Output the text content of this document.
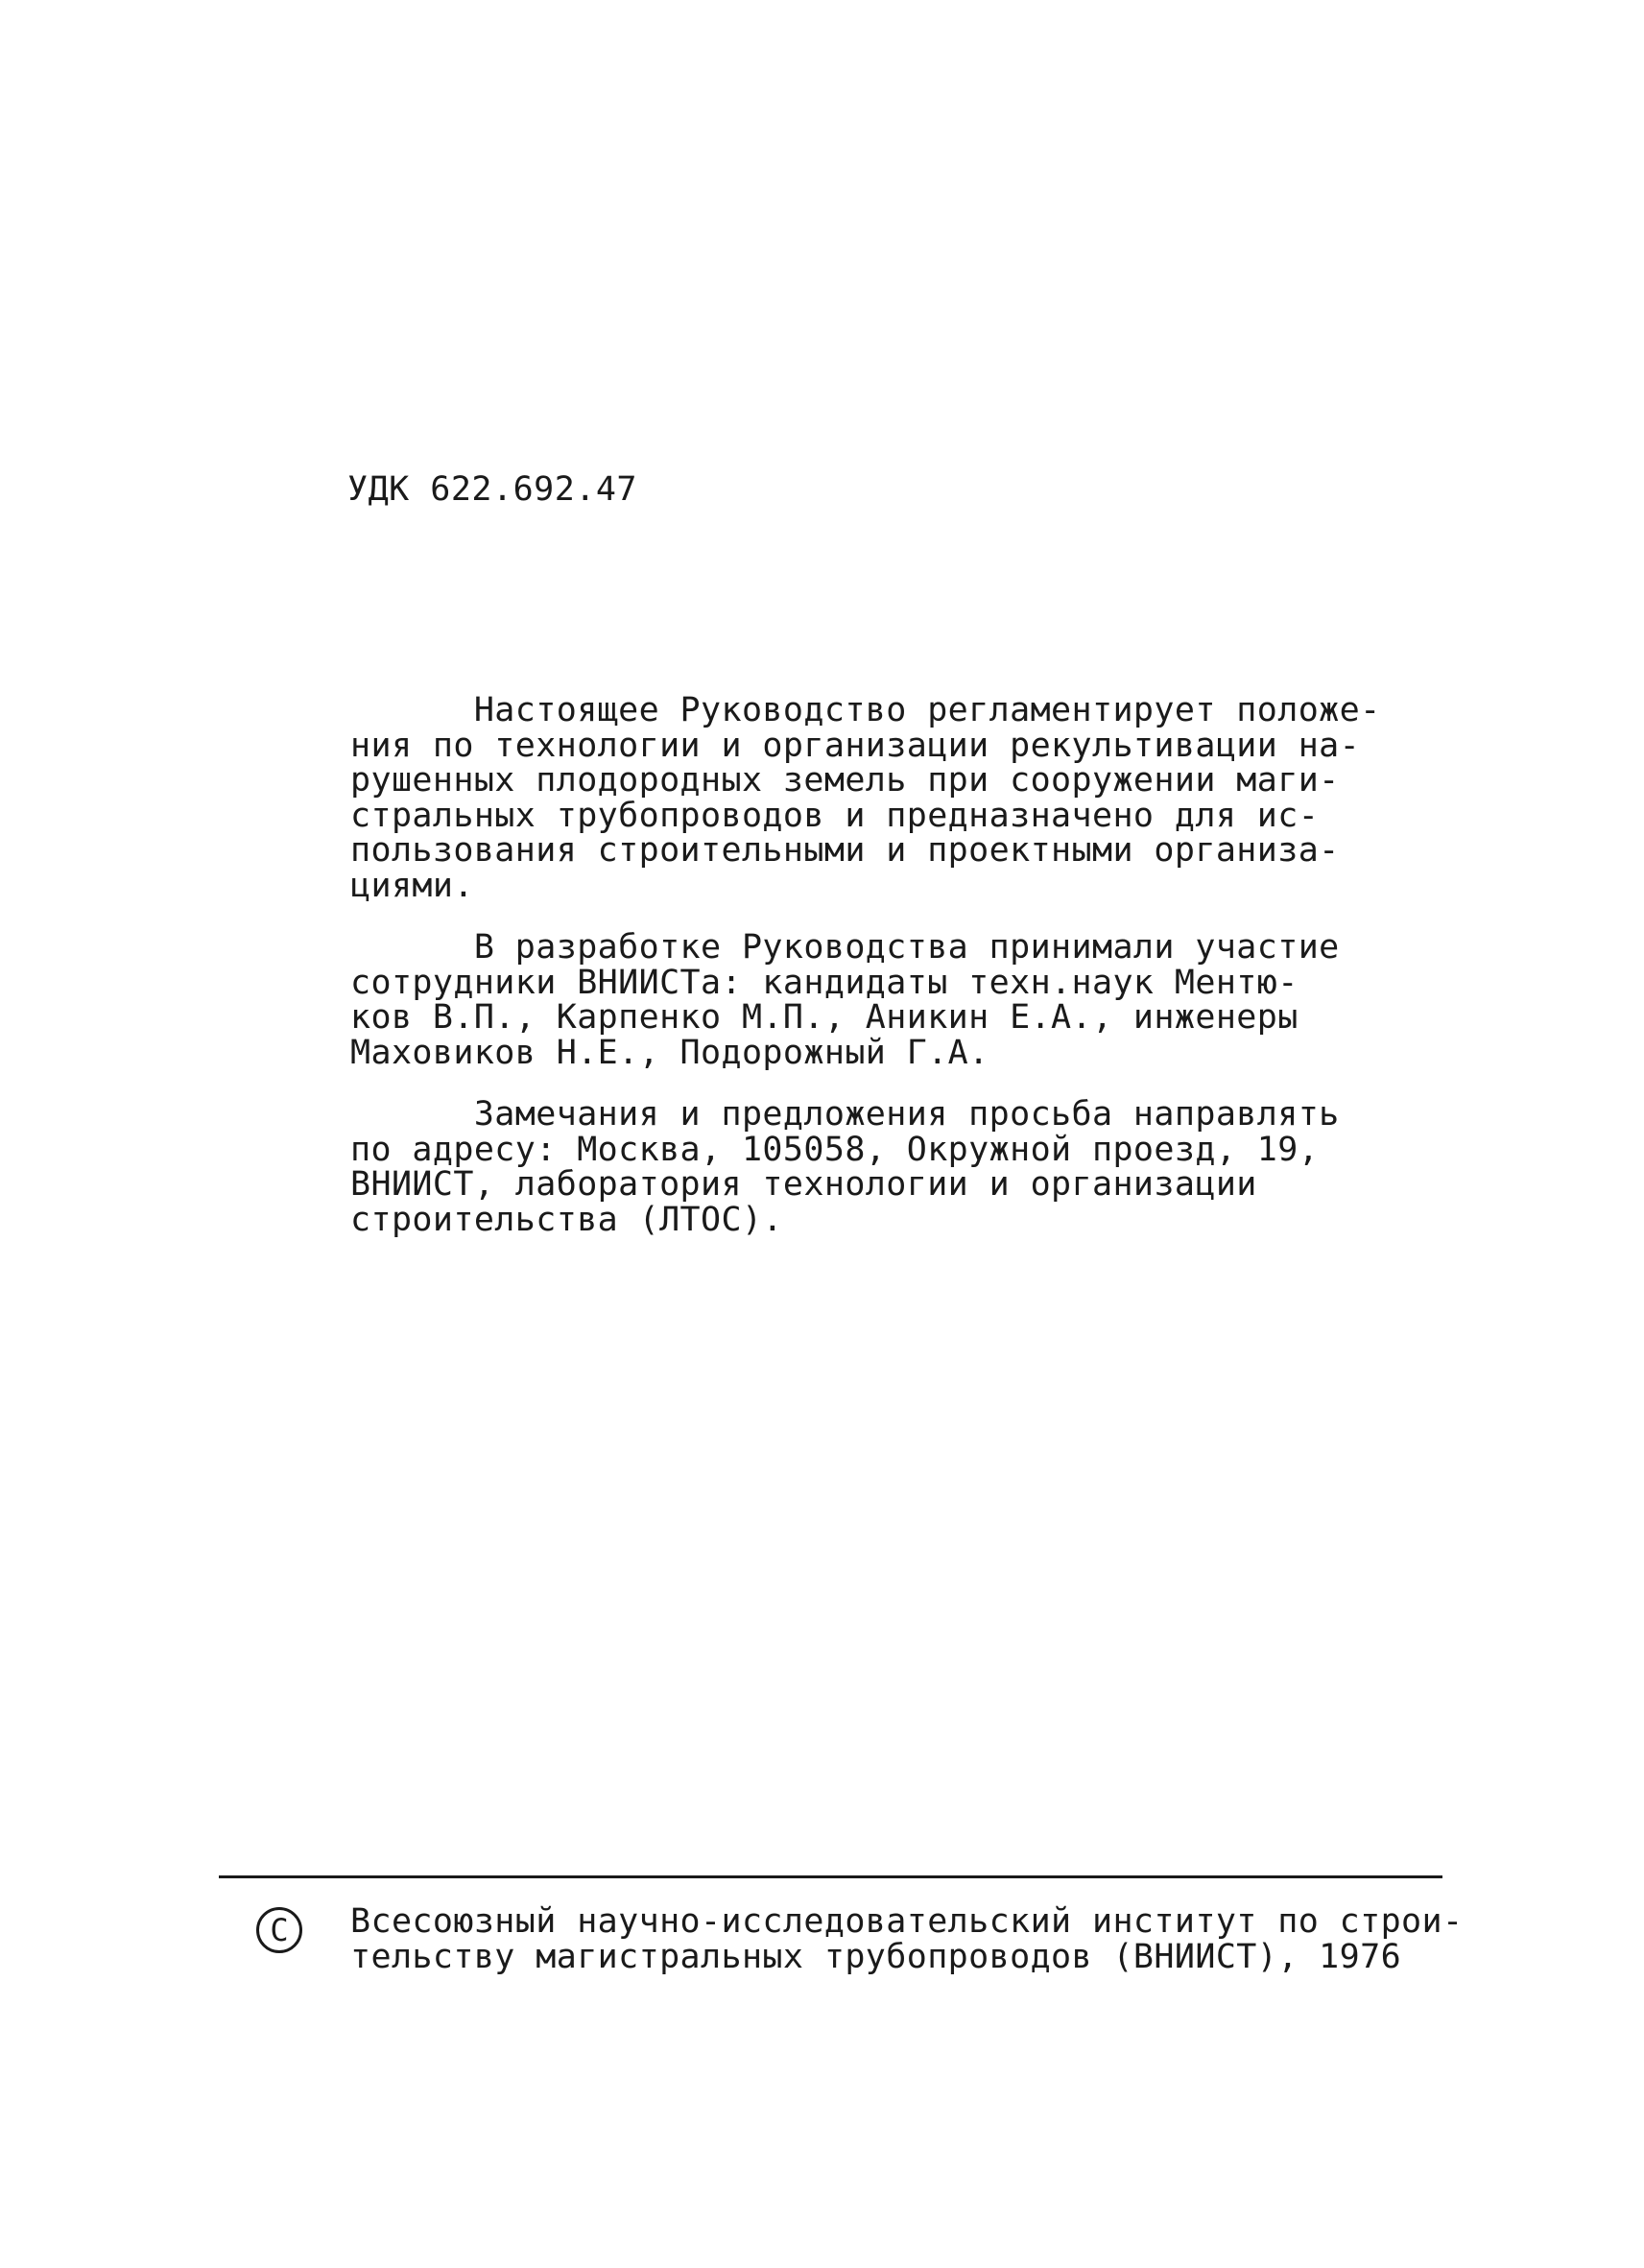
УДК 622.692.47
Настоящее Руководство регламентирует положе-
ния по технологии и организации рекультивации на-
рушенных плодородных земель при сооружении маги-
стральных трубопроводов и предназначено для ис-
пользования строительными и проектными организа-
циями.
В разработке Руководства принимали участие
сотрудники ВНИИСТа: кандидаты техн.наук Ментю-
ков В.П., Карпенко М.П., Аникин Е.А., инженеры
Маховиков Н.Е., Подорожный Г.А.
Замечания и предложения просьба направлять
по адресу: Москва, 105058, Окружной проезд, 19,
ВНИИСТ, лаборатория технологии и организации
строительства (ЛТОС).
C Всесоюзный научно-исследовательский институт по строи-
тельству магистральных трубопроводов (ВНИИСТ), 1976
